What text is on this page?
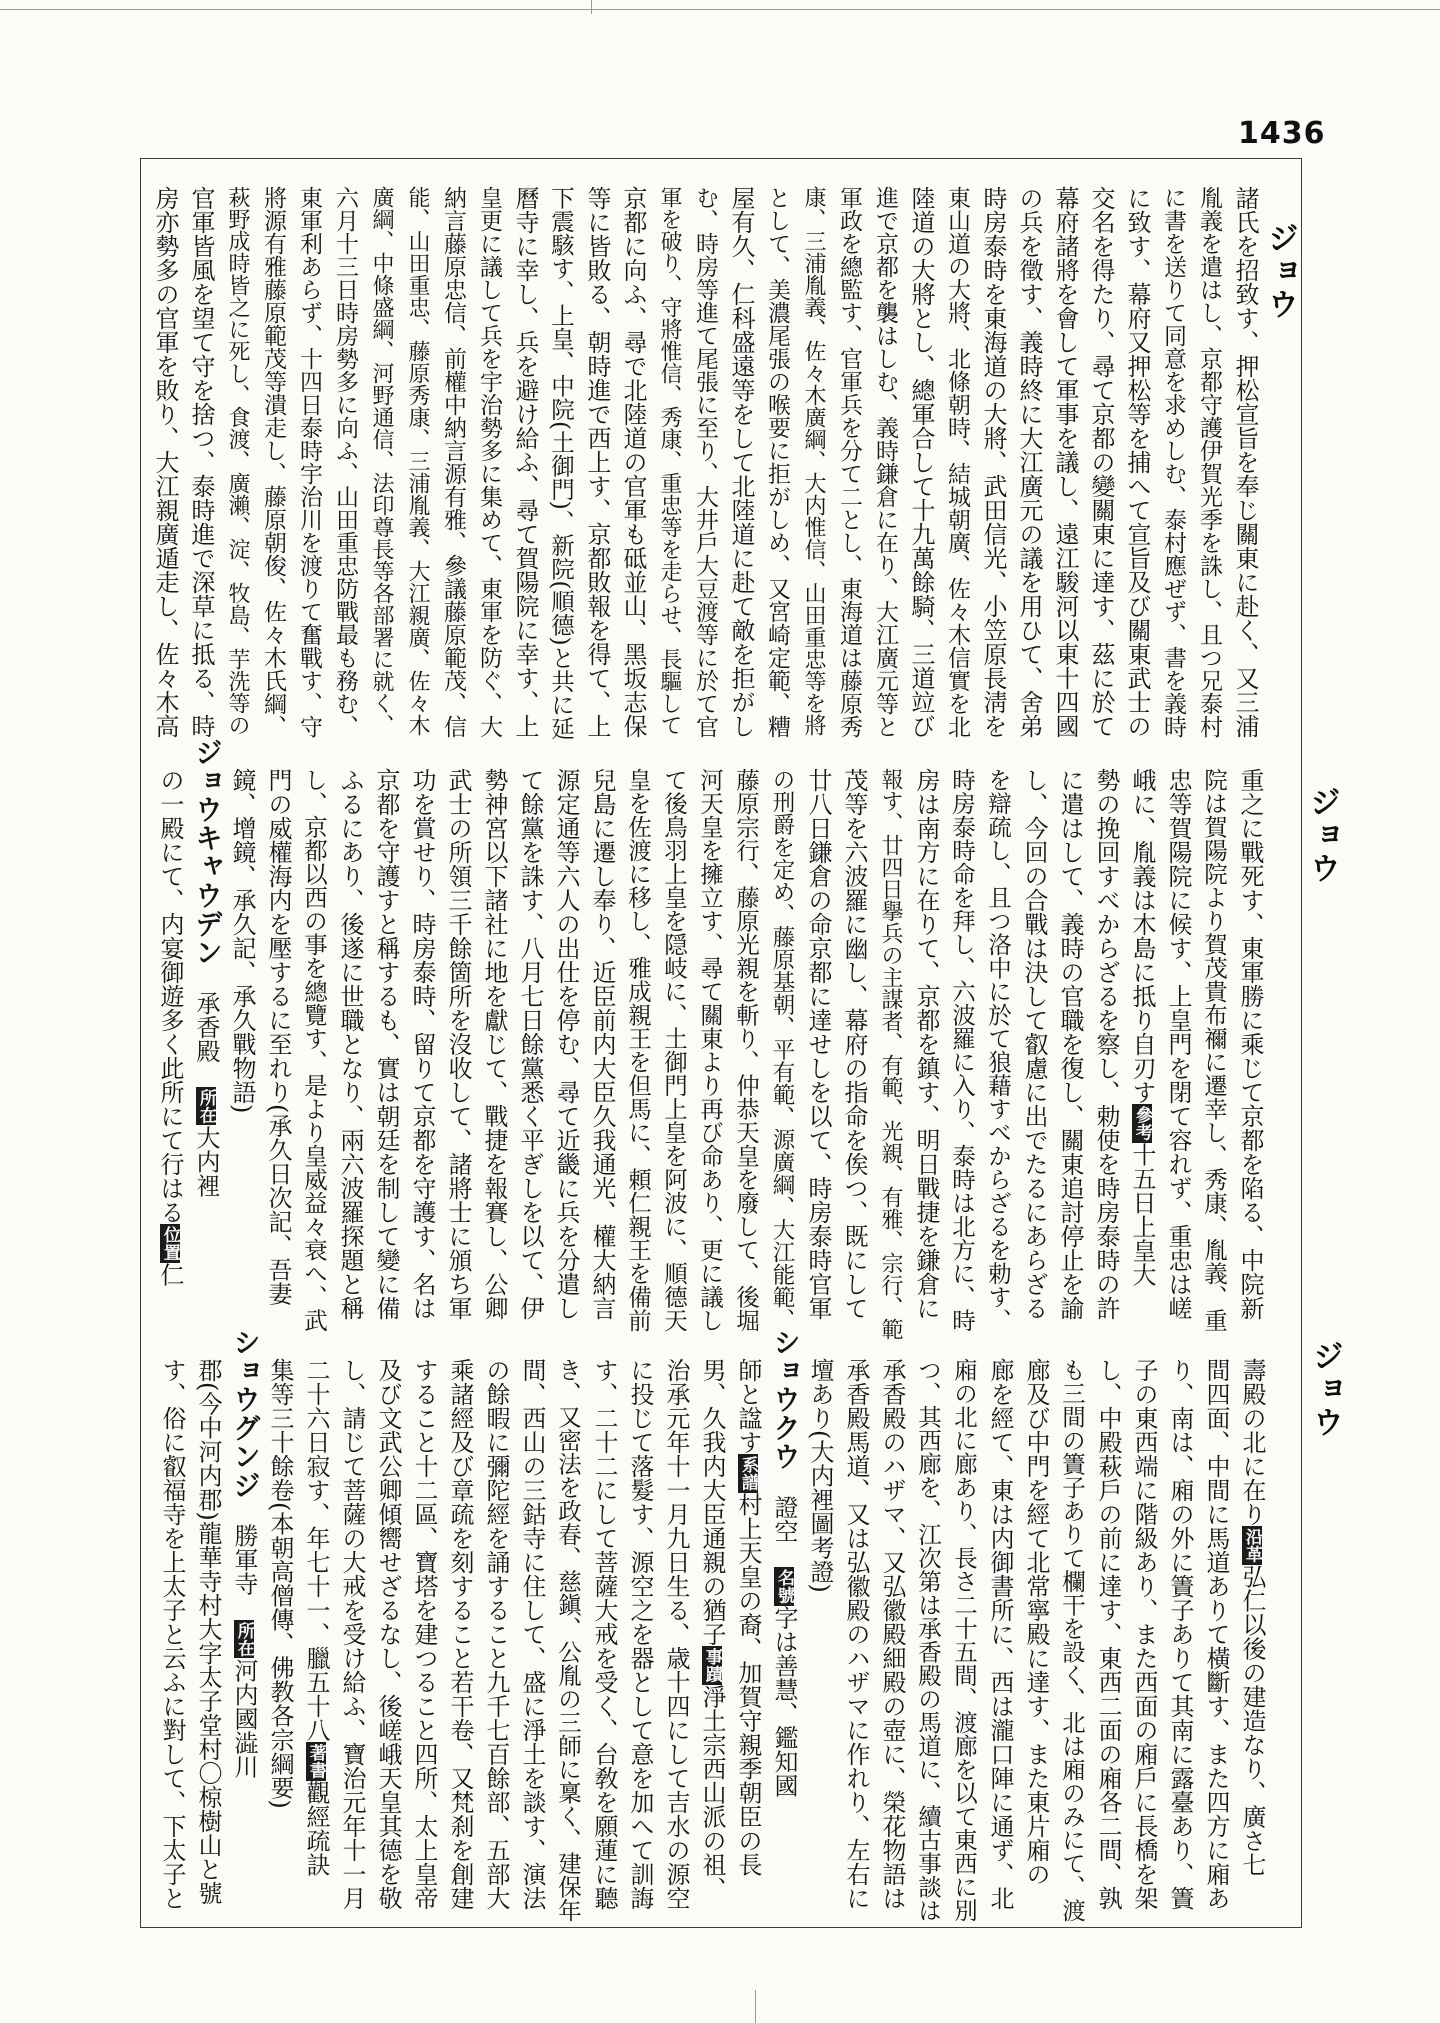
1436
ジョウ
ジョウ
ジョウ
諸氏を招致す、押松宣旨を奉じ關東に赴く、又三浦
胤義を遣はし、京都守護伊賀光季を誅し、且つ兄泰村
に書を送りて同意を求めしむ、泰村應ぜず、書を義時
に致す、幕府又押松等を捕へて宣旨及び關東武士の
交名を得たり、尋て京都の變關東に達す、茲に於て
幕府諸將を會して軍事を議し、遠江駿河以東十四國
の兵を徵す、義時終に大江廣元の議を用ひて、舍弟
時房泰時を東海道の大將、武田信光、小笠原長淸を
東山道の大將、北條朝時、結城朝廣、佐々木信實を北
陸道の大將とし、總軍合して十九萬餘騎、三道竝び
進で京都を襲はしむ、義時鎌倉に在り、大江廣元等と
軍政を總監す、官軍兵を分て二とし、東海道は藤原秀
康、三浦胤義、佐々木廣綱、大内惟信、山田重忠等を將
として、美濃尾張の喉要に拒がしめ、又宮崎定範、糟
屋有久、仁科盛遠等をして北陸道に赴て敵を拒がし
む、時房等進て尾張に至り、大井戶大豆渡等に於て官
軍を破り、守將惟信、秀康、重忠等を走らせ、長驅して
京都に向ふ、尋で北陸道の官軍も砥並山、黑坂志保
等に皆敗る、朝時進で西上す、京都敗報を得て、上
下震駭す、上皇、中院(土御門)、新院(順德)と共に延
曆寺に幸し、兵を避け給ふ、尋て賀陽院に幸す、上
皇更に議して兵を宇治勢多に集めて、東軍を防ぐ、大
納言藤原忠信、前權中納言源有雅、參議藤原範茂、信
能、山田重忠、藤原秀康、三浦胤義、大江親廣、佐々木
廣綱、中條盛綱、河野通信、法印尊長等各部署に就く、
六月十三日時房勢多に向ふ、山田重忠防戰最も務む、
東軍利あらず、十四日泰時宇治川を渡りて奮戰す、守
將源有雅藤原範茂等潰走し、藤原朝俊、佐々木氏綱、
萩野成時皆之に死し、食渡、廣瀨、淀、牧島、芋洗等の
官軍皆風を望て守を捨つ、泰時進で深草に抵る、時
房亦勢多の官軍を敗り、大江親廣遁走し、佐々木高
重之に戰死す、東軍勝に乘じて京都を陷る、中院新
院は賀陽院より賀茂貴布禰に遷幸し、秀康、胤義、重
忠等賀陽院に候す、上皇門を閉て容れず、重忠は嵯
峨に、胤義は木島に抵り自刃す參考十五日上皇大
勢の挽回すべからざるを察し、勅使を時房泰時の許
に遣はして、義時の官職を復し、關東追討停止を諭
し、今回の合戰は決して叡慮に出でたるにあらざる
を辯疏し、且つ洛中に於て狼藉すべからざるを勅す、
時房泰時命を拜し、六波羅に入り、泰時は北方に、時
房は南方に在りて、京都を鎮す、明日戰捷を鎌倉に
報す、廿四日擧兵の主謀者、有範、光親、有雅、宗行、範
茂等を六波羅に幽し、幕府の指命を俟つ、既にして
廿八日鎌倉の命京都に達せしを以て、時房泰時官軍
の刑爵を定め、藤原基朝、平有範、源廣綱、大江能範、
藤原宗行、藤原光親を斬り、仲恭天皇を廢して、後堀
河天皇を擁立す、尋て關東より再び命あり、更に議し
て後鳥羽上皇を隠岐に、土御門上皇を阿波に、順德天
皇を佐渡に移し、雅成親王を但馬に、頼仁親王を備前
兒島に遷し奉り、近臣前内大臣久我通光、權大納言
源定通等六人の出仕を停む、尋て近畿に兵を分遣し
て餘黨を誅す、八月七日餘黨悉く平ぎしを以て、伊
勢神宮以下諸社に地を獻じて、戰捷を報賽し、公卿
武士の所領三千餘箇所を沒收して、諸將士に頒ち軍
功を賞せり、時房泰時、留りて京都を守護す、名は
京都を守護すと稱するも、實は朝廷を制して變に備
ふるにあり、後遂に世職となり、兩六波羅探題と稱
し、京都以西の事を總覽す、是より皇威益々衰へ、武
門の威權海内を壓するに至れり(承久日次記、吾妻
鏡、增鏡、承久記、承久戰物語)
ジョウキャウデン　承香殿　所在大内裡
の一殿にて、内宴御遊多く此所にて行はる位置仁
壽殿の北に在り沿革弘仁以後の建造なり、廣さ七
間四面、中間に馬道ありて橫斷す、また四方に廂あ
り、南は、廂の外に簀子ありて其南に露臺あり、簀
子の東西端に階級あり、また西面の廂戶に長橋を架
し、中殿萩戶の前に達す、東西二面の廂各二間、孰
も三間の簀子ありて欄干を設く、北は廂のみにて、渡
廊及び中門を經て北常寧殿に達す、また東片廂の
廊を經て、東は内御書所に、西は瀧口陣に通ず、北
廂の北に廊あり、長さ二十五間、渡廊を以て東西に別
つ、其西廊を、江次第は承香殿の馬道に、續古事談は
承香殿のハザマ、又弘徽殿細殿の壺に、榮花物語は
承香殿馬道、又は弘徽殿のハザマに作れり、左右に
壇あり(大内裡圖考證)
ショウクウ　證空　名號字は善慧、鑑知國
師と諡す系譜村上天皇の裔、加賀守親季朝臣の長
男、久我内大臣通親の猶子事蹟淨土宗西山派の祖、
治承元年十一月九日生る、歳十四にして吉水の源空
に投じて落髮す、源空之を器として意を加へて訓誨
す、二十二にして菩薩大戒を受く、台敎を願蓮に聽
き、又密法を政春、慈鎭、公胤の三師に稟く、建保年
間、西山の三鈷寺に住して、盛に淨土を談す、演法
の餘暇に彌陀經を誦すること九千七百餘部、五部大
乘諸經及び章疏を刻すること若干卷、又梵刹を創建
すること十二區、寶塔を建つること四所、太上皇帝
及び文武公卿傾嚮せざるなし、後嵯峨天皇其德を敬
し、請じて菩薩の大戒を受け給ふ、寶治元年十一月
二十六日寂す、年七十一、臘五十八著書觀經疏訣
集等三十餘卷(本朝高僧傳、佛教各宗綱要)
ショウグンジ　勝軍寺　所在河内國澁川
郡(今中河内郡)龍華寺村大字太子堂村〇椋樹山と號
す、俗に叡福寺を上太子と云ふに對して、下太子と
